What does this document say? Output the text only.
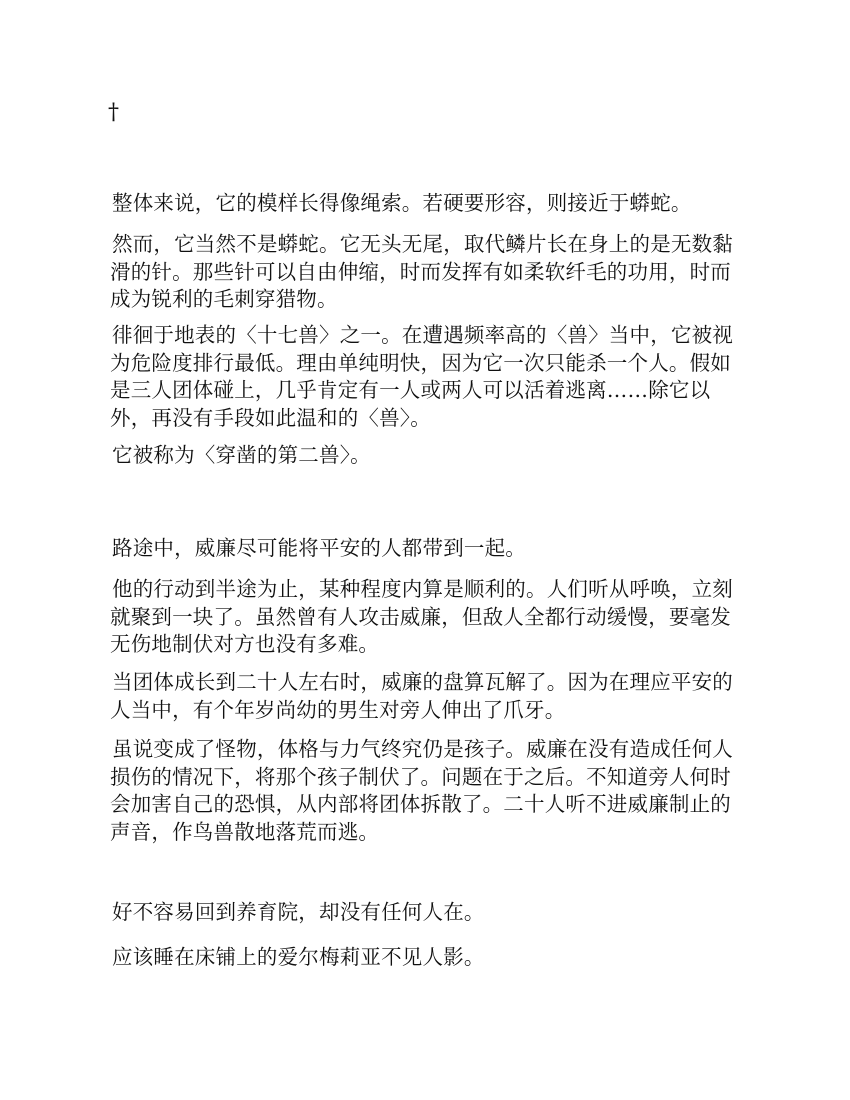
†

整体来说，它的模样长得像绳索。若硬要形容，则接近于蟒蛇。

然而，它当然不是蟒蛇。它无头无尾，取代鳞片长在身上的是无数黏滑的针。那些针可以自由伸缩，时而发挥有如柔软纤毛的功用，时而成为锐利的毛刺穿猎物。

徘徊于地表的〈十七兽〉之一。在遭遇频率高的〈兽〉当中，它被视为危险度排行最低。理由单纯明快，因为它一次只能杀一个人。假如是三人团体碰上，几乎肯定有一人或两人可以活着逃离……除它以外，再没有手段如此温和的〈兽〉。

它被称为〈穿凿的第二兽〉。

路途中，威廉尽可能将平安的人都带到一起。

他的行动到半途为止，某种程度内算是顺利的。人们听从呼唤，立刻就聚到一块了。虽然曾有人攻击威廉，但敌人全都行动缓慢，要毫发无伤地制伏对方也没有多难。

当团体成长到二十人左右时，威廉的盘算瓦解了。因为在理应平安的人当中，有个年岁尚幼的男生对旁人伸出了爪牙。

虽说变成了怪物，体格与力气终究仍是孩子。威廉在没有造成任何人损伤的情况下，将那个孩子制伏了。问题在于之后。不知道旁人何时会加害自己的恐惧，从内部将团体拆散了。二十人听不进威廉制止的声音，作鸟兽散地落荒而逃。

好不容易回到养育院，却没有任何人在。

应该睡在床铺上的爱尔梅莉亚不见人影。
